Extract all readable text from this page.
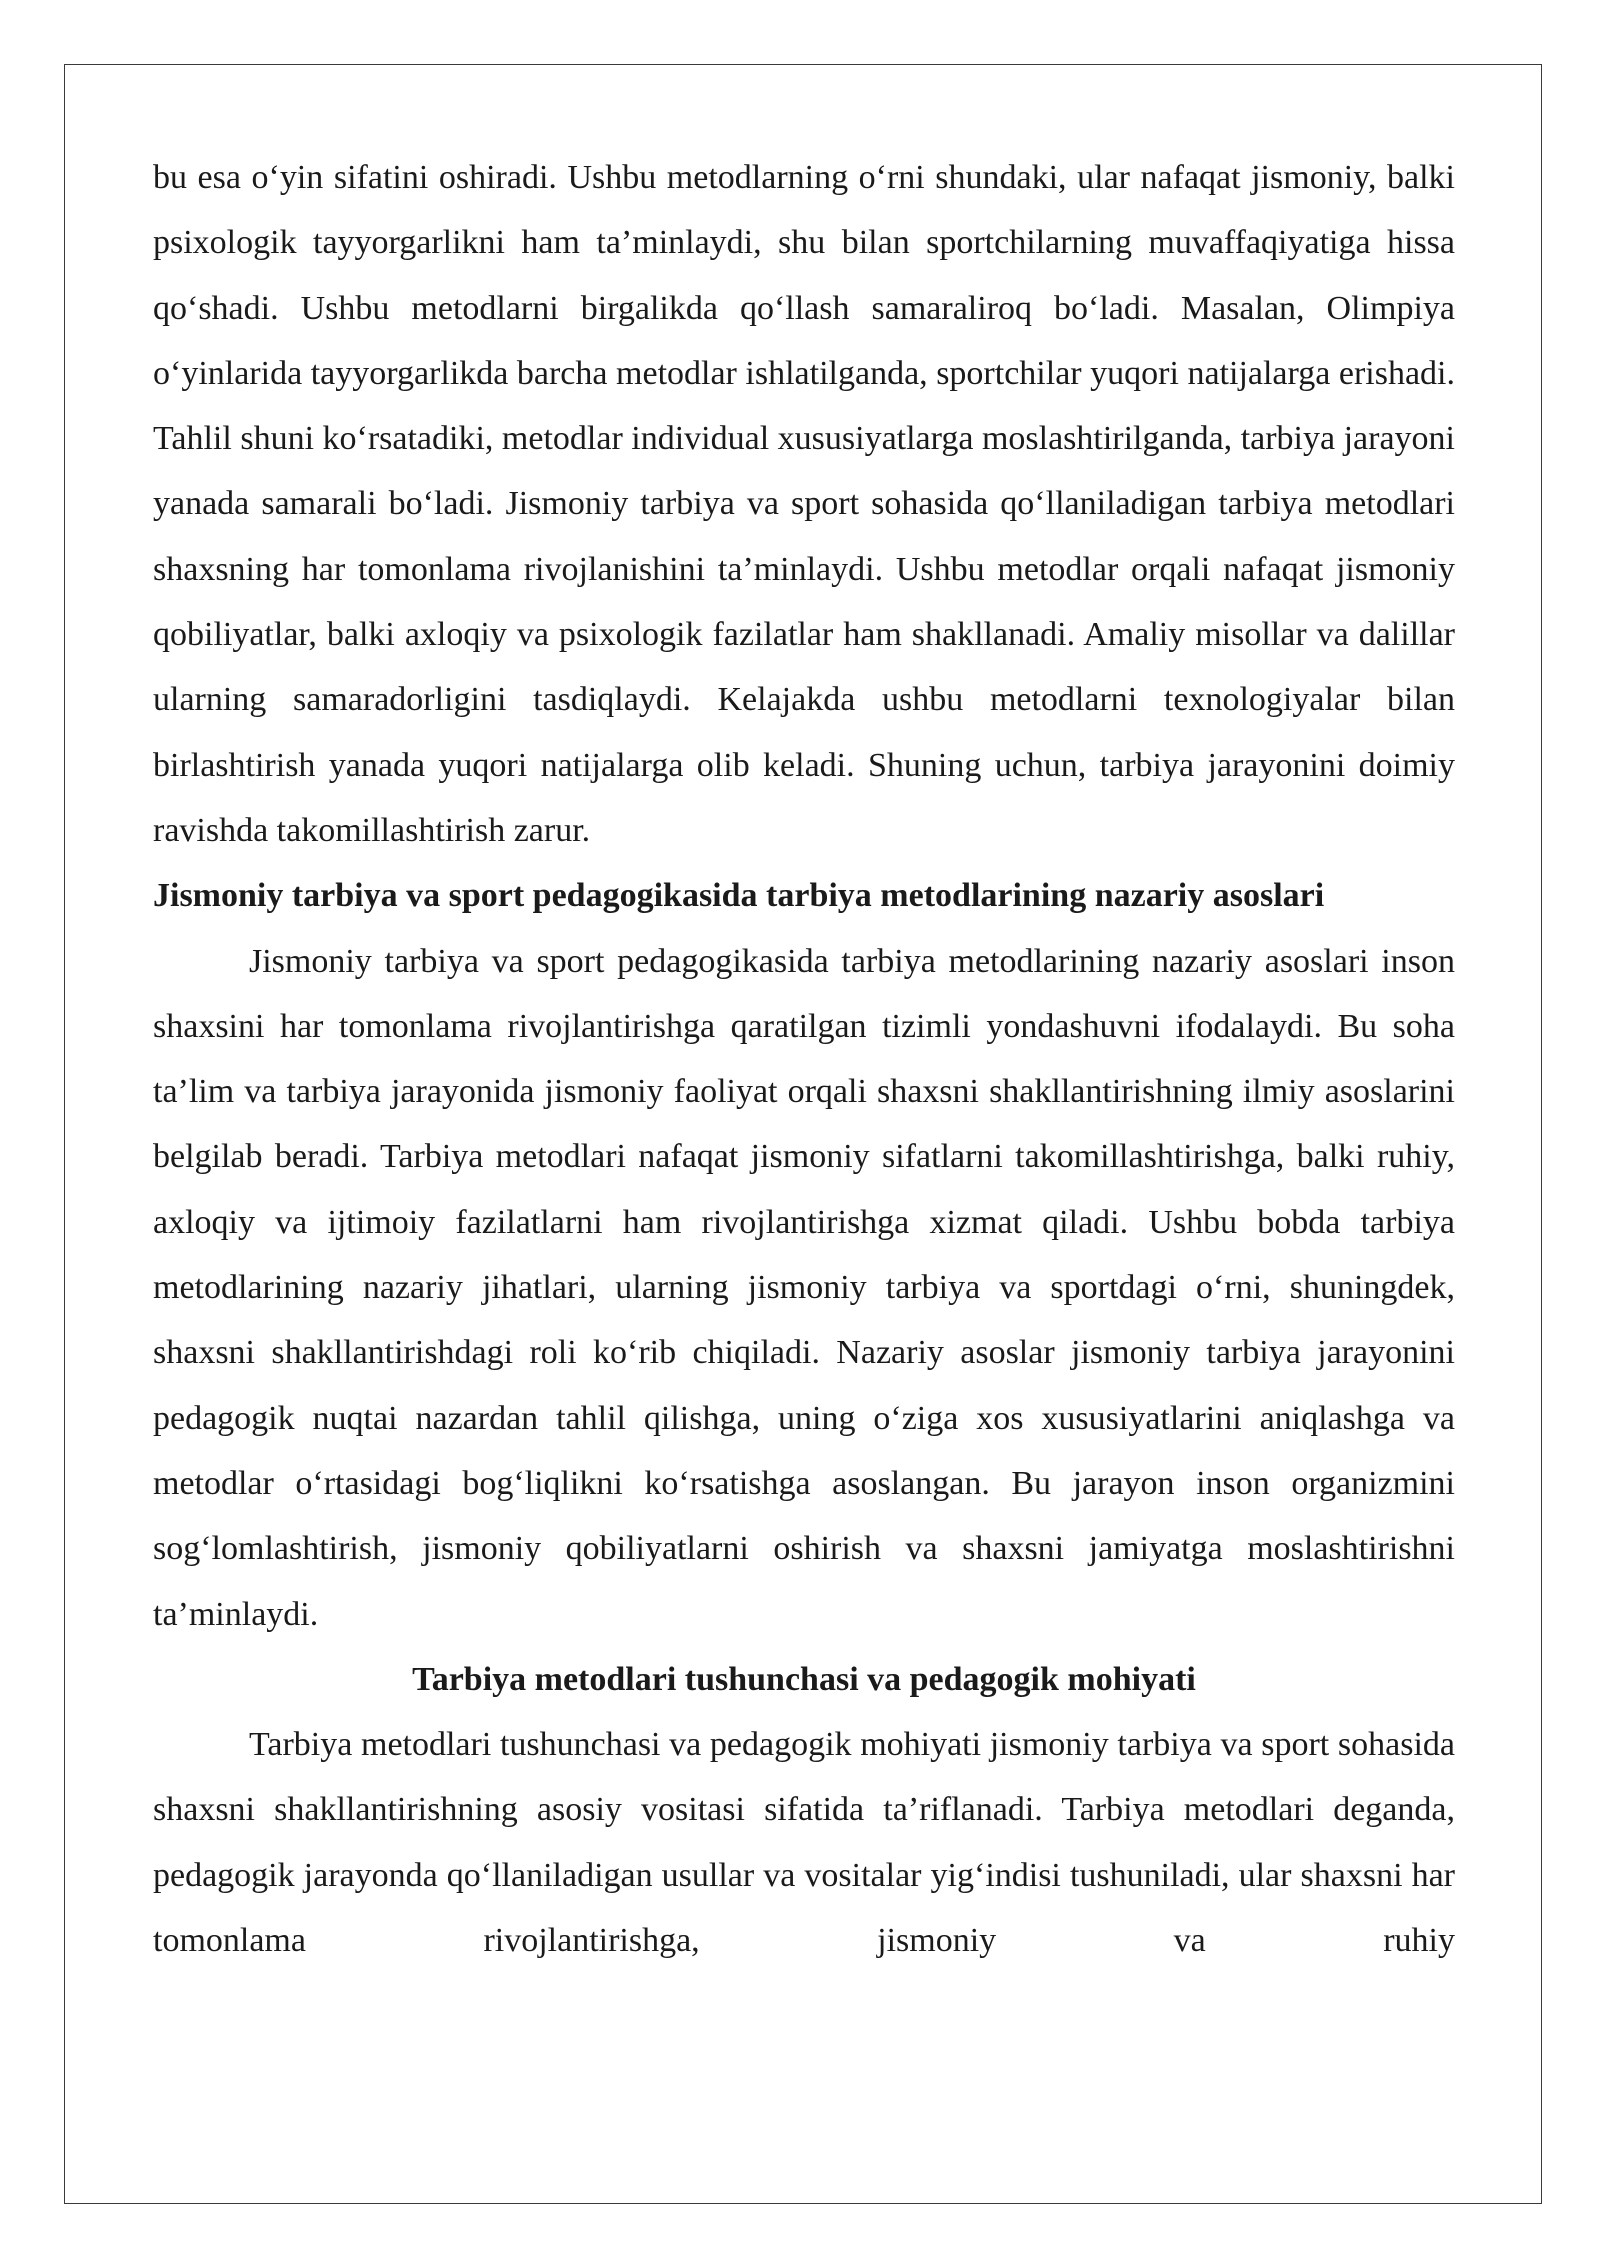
bu esa o‘yin sifatini oshiradi. Ushbu metodlarning o‘rni shundaki, ular nafaqat jismoniy, balki psixologik tayyorgarlikni ham ta’minlaydi, shu bilan sportchilarning muvaffaqiyatiga hissa qo‘shadi. Ushbu metodlarni birgalikda qo‘llash samaraliroq bo‘ladi. Masalan, Olimpiya o‘yinlarida tayyorgarlikda barcha metodlar ishlatilganda, sportchilar yuqori natijalarga erishadi. Tahlil shuni ko‘rsatadiki, metodlar individual xususiyatlarga moslashtirilganda, tarbiya jarayoni yanada samarali bo‘ladi. Jismoniy tarbiya va sport sohasida qo‘llaniladigan tarbiya metodlari shaxsning har tomonlama rivojlanishini ta’minlaydi. Ushbu metodlar orqali nafaqat jismoniy qobiliyatlar, balki axloqiy va psixologik fazilatlar ham shakllanadi. Amaliy misollar va dalillar ularning samaradorligini tasdiqlaydi. Kelajakda ushbu metodlarni texnologiyalar bilan birlashtirish yanada yuqori natijalarga olib keladi. Shuning uchun, tarbiya jarayonini doimiy ravishda takomillashtirish zarur.

Jismoniy tarbiya va sport pedagogikasida tarbiya metodlarining nazariy asoslari

Jismoniy tarbiya va sport pedagogikasida tarbiya metodlarining nazariy asoslari inson shaxsini har tomonlama rivojlantirishga qaratilgan tizimli yondashuvni ifodalaydi. Bu soha ta’lim va tarbiya jarayonida jismoniy faoliyat orqali shaxsni shakllantirishning ilmiy asoslarini belgilab beradi. Tarbiya metodlari nafaqat jismoniy sifatlarni takomillashtirishga, balki ruhiy, axloqiy va ijtimoiy fazilatlarni ham rivojlantirishga xizmat qiladi. Ushbu bobda tarbiya metodlarining nazariy jihatlari, ularning jismoniy tarbiya va sportdagi o‘rni, shuningdek, shaxsni shakllantirishdagi roli ko‘rib chiqiladi. Nazariy asoslar jismoniy tarbiya jarayonini pedagogik nuqtai nazardan tahlil qilishga, uning o‘ziga xos xususiyatlarini aniqlashga va metodlar o‘rtasidagi bog‘liqlikni ko‘rsatishga asoslangan. Bu jarayon inson organizmini sog‘lomlashtirish, jismoniy qobiliyatlarni oshirish va shaxsni jamiyatga moslashtirishni ta’minlaydi.

Tarbiya metodlari tushunchasi va pedagogik mohiyati

Tarbiya metodlari tushunchasi va pedagogik mohiyati jismoniy tarbiya va sport sohasida shaxsni shakllantirishning asosiy vositasi sifatida ta’riflanadi. Tarbiya metodlari deganda, pedagogik jarayonda qo‘llaniladigan usullar va vositalar yig‘indisi tushuniladi, ular shaxsni har tomonlama rivojlantirishga, jismoniy va ruhiy
